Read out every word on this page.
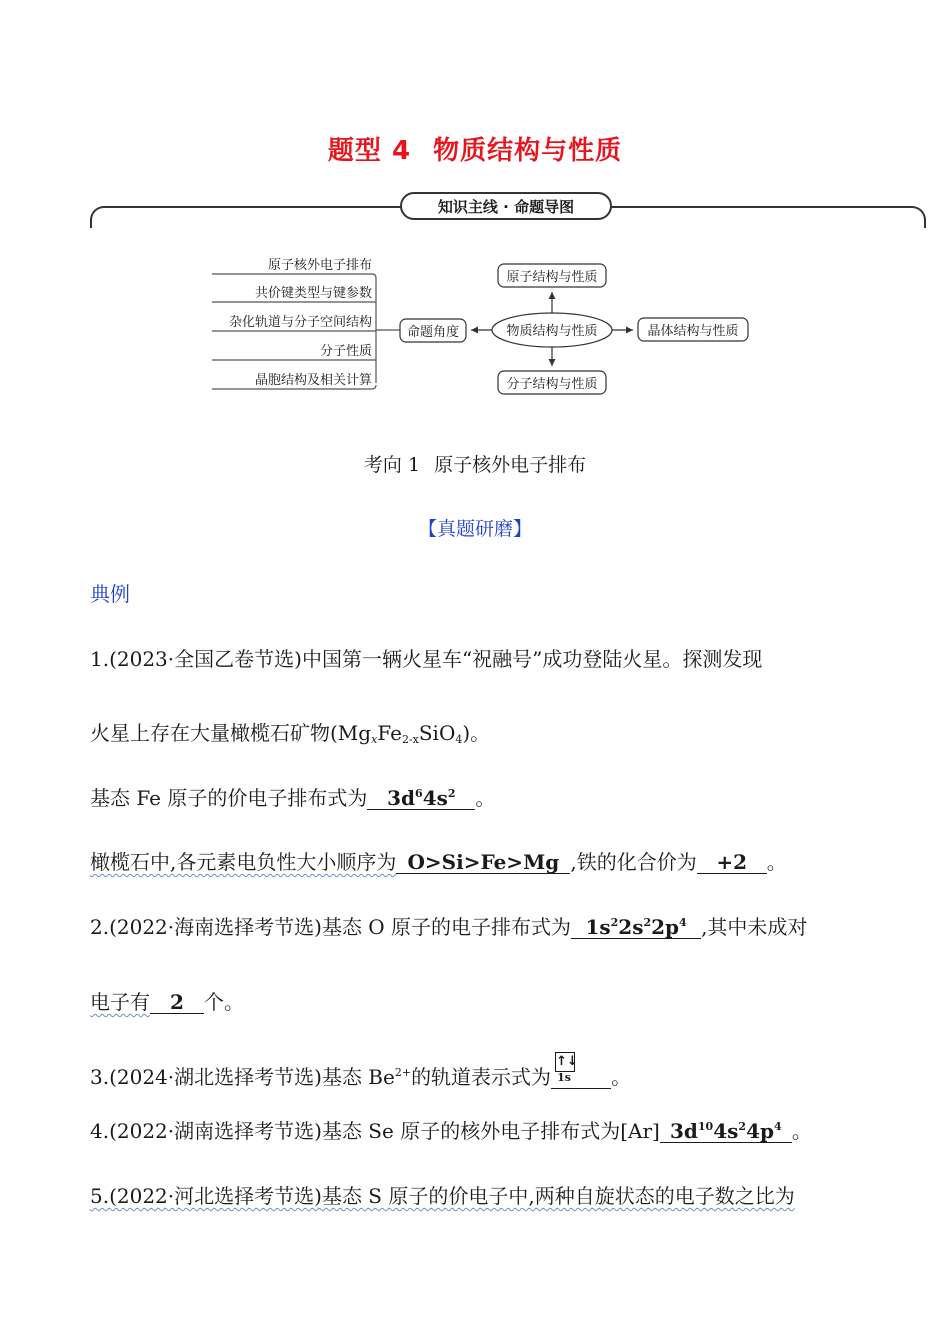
题型 4 物质结构与性质
知识主线 · 命题导图
原子核外电子排布
共价键类型与键参数
杂化轨道与分子空间结构
分子性质
晶胞结构及相关计算
命题角度	物质结构与性质
原子结构与性质
分子结构与性质
晶体结构与性质
考向 1 原子核外电子排布
【真题研磨】
典例
1.(2023·全国乙卷节选)中国第一辆火星车“祝融号”成功登陆火星。探测发现
火星上存在大量橄榄石矿物$(Mg_xFe_{2-x}SiO_4)$。
基态 Fe 原子的价电子排布式为 $3d^64s^2$ 。
橄榄石中,各元素电负性大小顺序为 O>Si>Fe>Mg ,铁的化合价为 +2 。
2.(2022·海南选择考节选)基态 O 原子的电子排布式为 $1s^22s^22p^4$ ,其中未成对
电子有 2 个。
3.(2024·湖北选择考节选)基态 $Be^{2+}$的轨道表示式为
↑↓
1s 。
4.(2022·湖南选择考节选)基态 Se 原子的核外电子排布式为[Ar] $3d^{10}4s^24p^4$ 。
5.(2022·河北选择考节选)基态 S 原子的价电子中,两种自旋状态的电子数之比为
